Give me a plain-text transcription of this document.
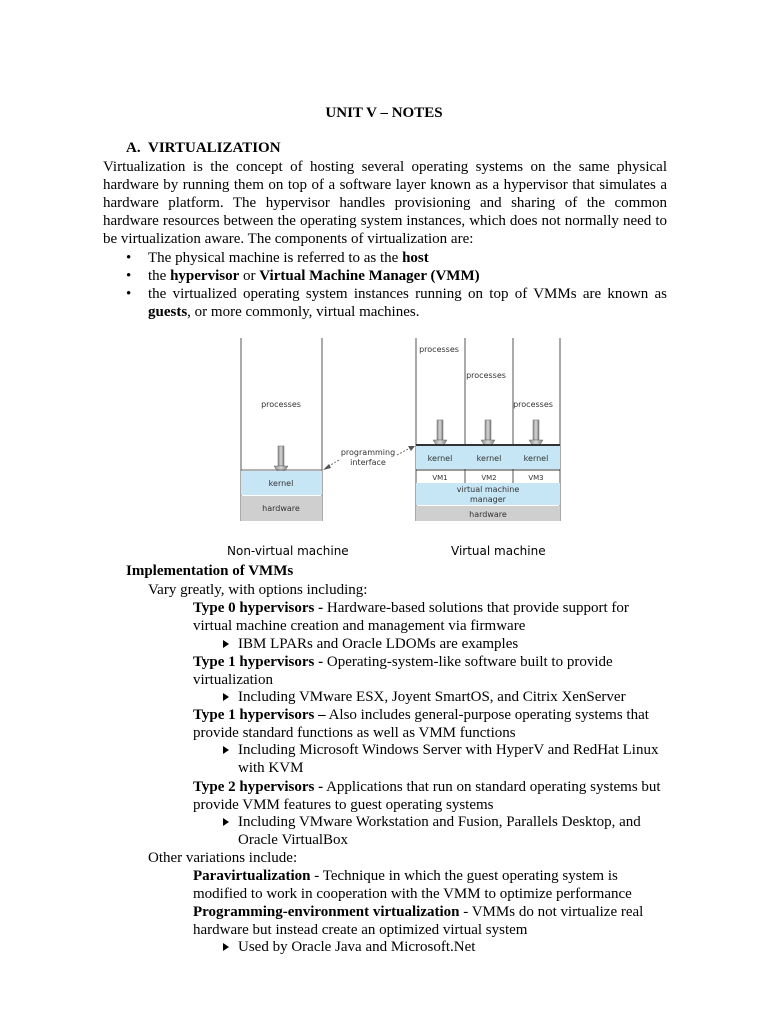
UNIT V – NOTES
A. VIRTUALIZATION

Virtualization is the concept of hosting several operating systems on the same physical hardware by running them on top of a software layer known as a hypervisor that simulates a hardware platform. The hypervisor handles provisioning and sharing of the common hardware resources between the operating system instances, which does not normally need to be virtualization aware. The components of virtualization are:

• The physical machine is referred to as the host
• the hypervisor or Virtual Machine Manager (VMM)
• the virtualized operating system instances running on top of VMMs are known as guests, or more commonly, virtual machines.
processes
kernel
hardware
programming
interface
processes
processes
processes
kernel	kernel	kernel
VM1	VM2	VM3
virtual machine
manager
hardware
Non-virtual machine	Virtual machine
Implementation of VMMs
Vary greatly, with options including:
Type 0 hypervisors - Hardware-based solutions that provide support for
virtual machine creation and management via firmware
IBM LPARs and Oracle LDOMs are examples
Type 1 hypervisors - Operating-system-like software built to provide
virtualization
Including VMware ESX, Joyent SmartOS, and Citrix XenServer
Type 1 hypervisors – Also includes general-purpose operating systems that
provide standard functions as well as VMM functions
Including Microsoft Windows Server with HyperV and RedHat Linux
with KVM
Type 2 hypervisors - Applications that run on standard operating systems but
provide VMM features to guest operating systems
Including VMware Workstation and Fusion, Parallels Desktop, and
Oracle VirtualBox
Other variations include:
Paravirtualization - Technique in which the guest operating system is
modified to work in cooperation with the VMM to optimize performance
Programming-environment virtualization - VMMs do not virtualize real
hardware but instead create an optimized virtual system
Used by Oracle Java and Microsoft.Net
